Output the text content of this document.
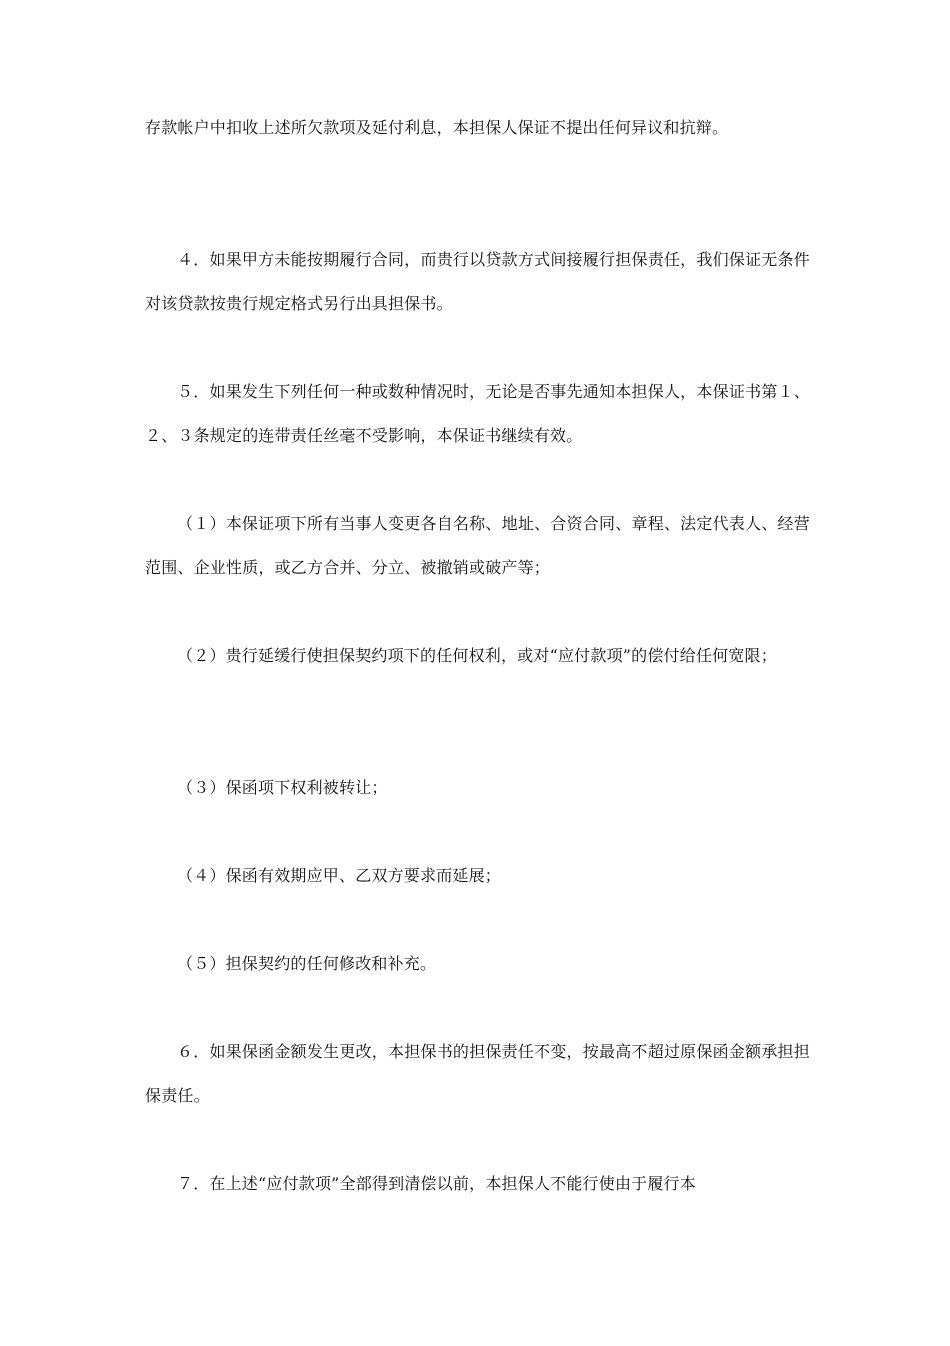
存款帐户中扣收上述所欠款项及延付利息，本担保人保证不提出任何异议和抗辩。

４．如果甲方未能按期履行合同，而贵行以贷款方式间接履行担保责任，我们保证无条件对该贷款按贵行规定格式另行出具担保书。

５．如果发生下列任何一种或数种情况时，无论是否事先通知本担保人，本保证书第１、２、３条规定的连带责任丝毫不受影响，本保证书继续有效。

（１）本保证项下所有当事人变更各自名称、地址、合资合同、章程、法定代表人、经营范围、企业性质，或乙方合并、分立、被撤销或破产等；

（２）贵行延缓行使担保契约项下的任何权利，或对“应付款项”的偿付给任何宽限；

（３）保函项下权利被转让；

（４）保函有效期应甲、乙双方要求而延展；

（５）担保契约的任何修改和补充。

６．如果保函金额发生更改，本担保书的担保责任不变，按最高不超过原保函金额承担担保责任。

７．在上述“应付款项”全部得到清偿以前，本担保人不能行使由于履行本
